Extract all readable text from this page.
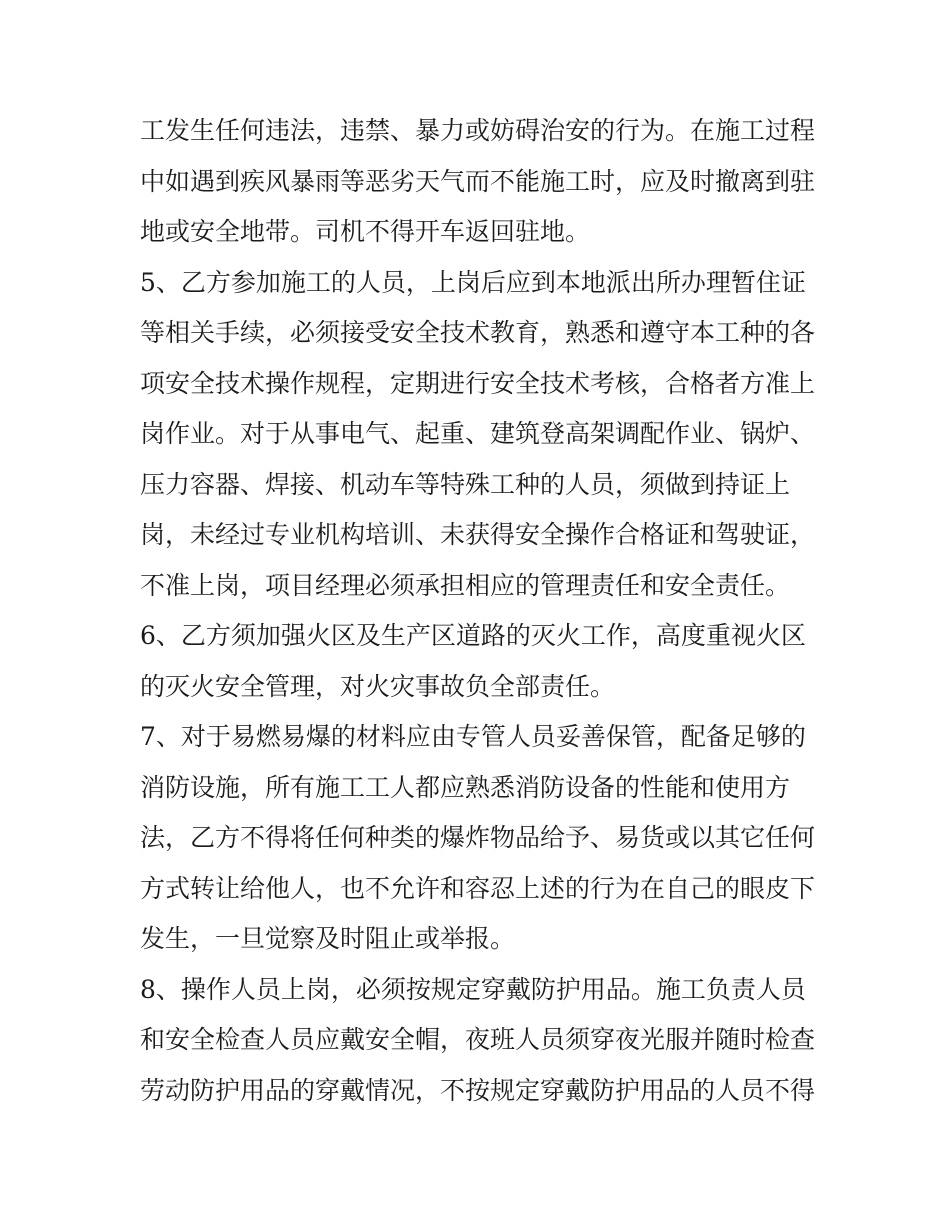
工发生任何违法，违禁、暴力或妨碍治安的行为。在施工过程
中如遇到疾风暴雨等恶劣天气而不能施工时，应及时撤离到驻
地或安全地带。司机不得开车返回驻地。
5、乙方参加施工的人员，上岗后应到本地派出所办理暂住证
等相关手续，必须接受安全技术教育，熟悉和遵守本工种的各
项安全技术操作规程，定期进行安全技术考核，合格者方准上
岗作业。对于从事电气、起重、建筑登高架调配作业、锅炉、
压力容器、焊接、机动车等特殊工种的人员，须做到持证上
岗，未经过专业机构培训、未获得安全操作合格证和驾驶证，
不准上岗，项目经理必须承担相应的管理责任和安全责任。
6、乙方须加强火区及生产区道路的灭火工作，高度重视火区
的灭火安全管理，对火灾事故负全部责任。
7、对于易燃易爆的材料应由专管人员妥善保管，配备足够的
消防设施，所有施工工人都应熟悉消防设备的性能和使用方
法，乙方不得将任何种类的爆炸物品给予、易货或以其它任何
方式转让给他人，也不允许和容忍上述的行为在自己的眼皮下
发生，一旦觉察及时阻止或举报。
8、操作人员上岗，必须按规定穿戴防护用品。施工负责人员
和安全检查人员应戴安全帽，夜班人员须穿夜光服并随时检查
劳动防护用品的穿戴情况，不按规定穿戴防护用品的人员不得
